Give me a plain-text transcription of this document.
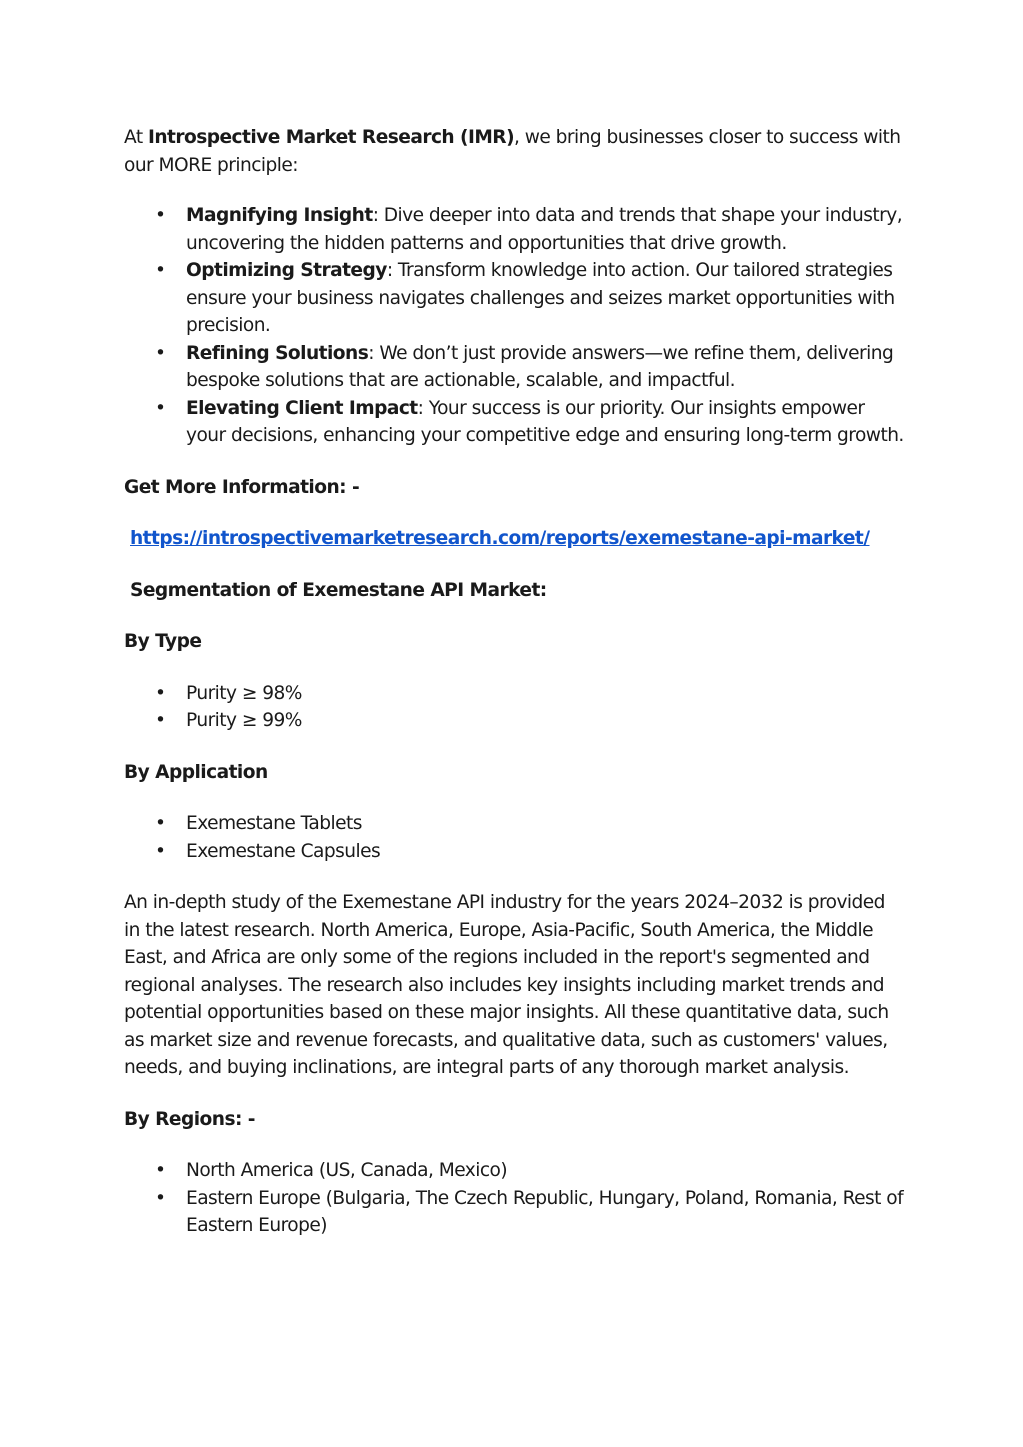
At Introspective Market Research (IMR), we bring businesses closer to success with our MORE principle:

• Magnifying Insight: Dive deeper into data and trends that shape your industry, uncovering the hidden patterns and opportunities that drive growth.
• Optimizing Strategy: Transform knowledge into action. Our tailored strategies ensure your business navigates challenges and seizes market opportunities with precision.
• Refining Solutions: We don’t just provide answers—we refine them, delivering bespoke solutions that are actionable, scalable, and impactful.
• Elevating Client Impact: Your success is our priority. Our insights empower your decisions, enhancing your competitive edge and ensuring long-term growth.

Get More Information: -

https://introspectivemarketresearch.com/reports/exemestane-api-market/

Segmentation of Exemestane API Market:

By Type

• Purity ≥ 98%
• Purity ≥ 99%

By Application

• Exemestane Tablets
• Exemestane Capsules

An in-depth study of the Exemestane API industry for the years 2024–2032 is provided in the latest research. North America, Europe, Asia-Pacific, South America, the Middle East, and Africa are only some of the regions included in the report's segmented and regional analyses. The research also includes key insights including market trends and potential opportunities based on these major insights. All these quantitative data, such as market size and revenue forecasts, and qualitative data, such as customers' values, needs, and buying inclinations, are integral parts of any thorough market analysis.

By Regions: -

• North America (US, Canada, Mexico)
• Eastern Europe (Bulgaria, The Czech Republic, Hungary, Poland, Romania, Rest of Eastern Europe)
